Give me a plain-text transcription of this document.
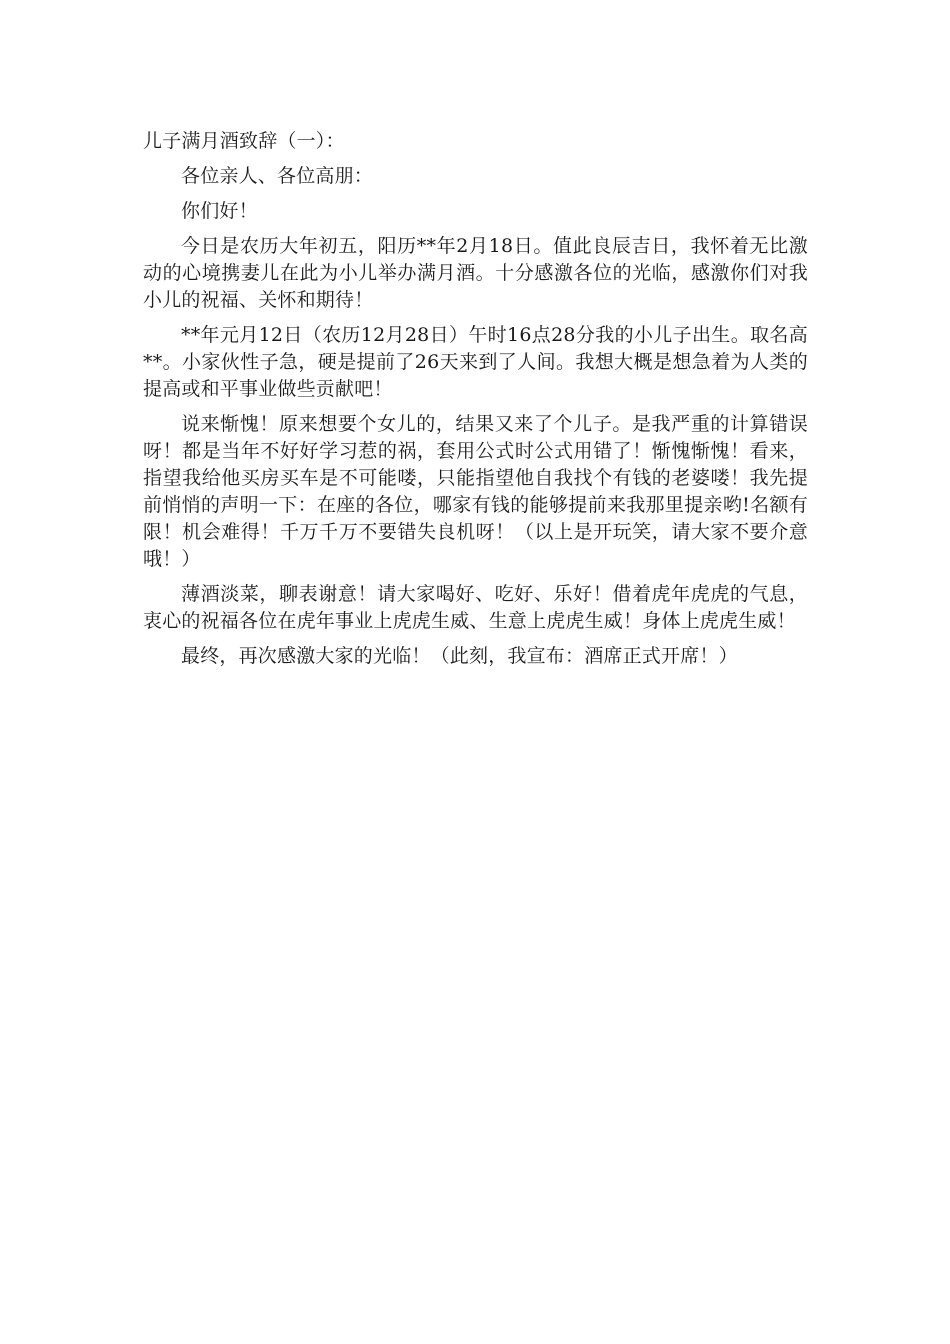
儿子满月酒致辞（一）：

各位亲人、各位高朋：

你们好！

今日是农历大年初五，阳历**年2月18日。值此良辰吉日，我怀着无比激动的心境携妻儿在此为小儿举办满月酒。十分感激各位的光临，感激你们对我小儿的祝福、关怀和期待！

**年元月12日（农历12月28日）午时16点28分我的小儿子出生。取名高**。小家伙性子急，硬是提前了26天来到了人间。我想大概是想急着为人类的提高或和平事业做些贡献吧！

说来惭愧！原来想要个女儿的，结果又来了个儿子。是我严重的计算错误呀！都是当年不好好学习惹的祸，套用公式时公式用错了！惭愧惭愧！看来，指望我给他买房买车是不可能喽，只能指望他自我找个有钱的老婆喽！我先提前悄悄的声明一下：在座的各位，哪家有钱的能够提前来我那里提亲哟!名额有限！机会难得！千万千万不要错失良机呀！（以上是开玩笑，请大家不要介意哦！）

薄酒淡菜，聊表谢意！请大家喝好、吃好、乐好！借着虎年虎虎的气息，衷心的祝福各位在虎年事业上虎虎生威、生意上虎虎生威！身体上虎虎生威！

最终，再次感激大家的光临！（此刻，我宣布：酒席正式开席！）
